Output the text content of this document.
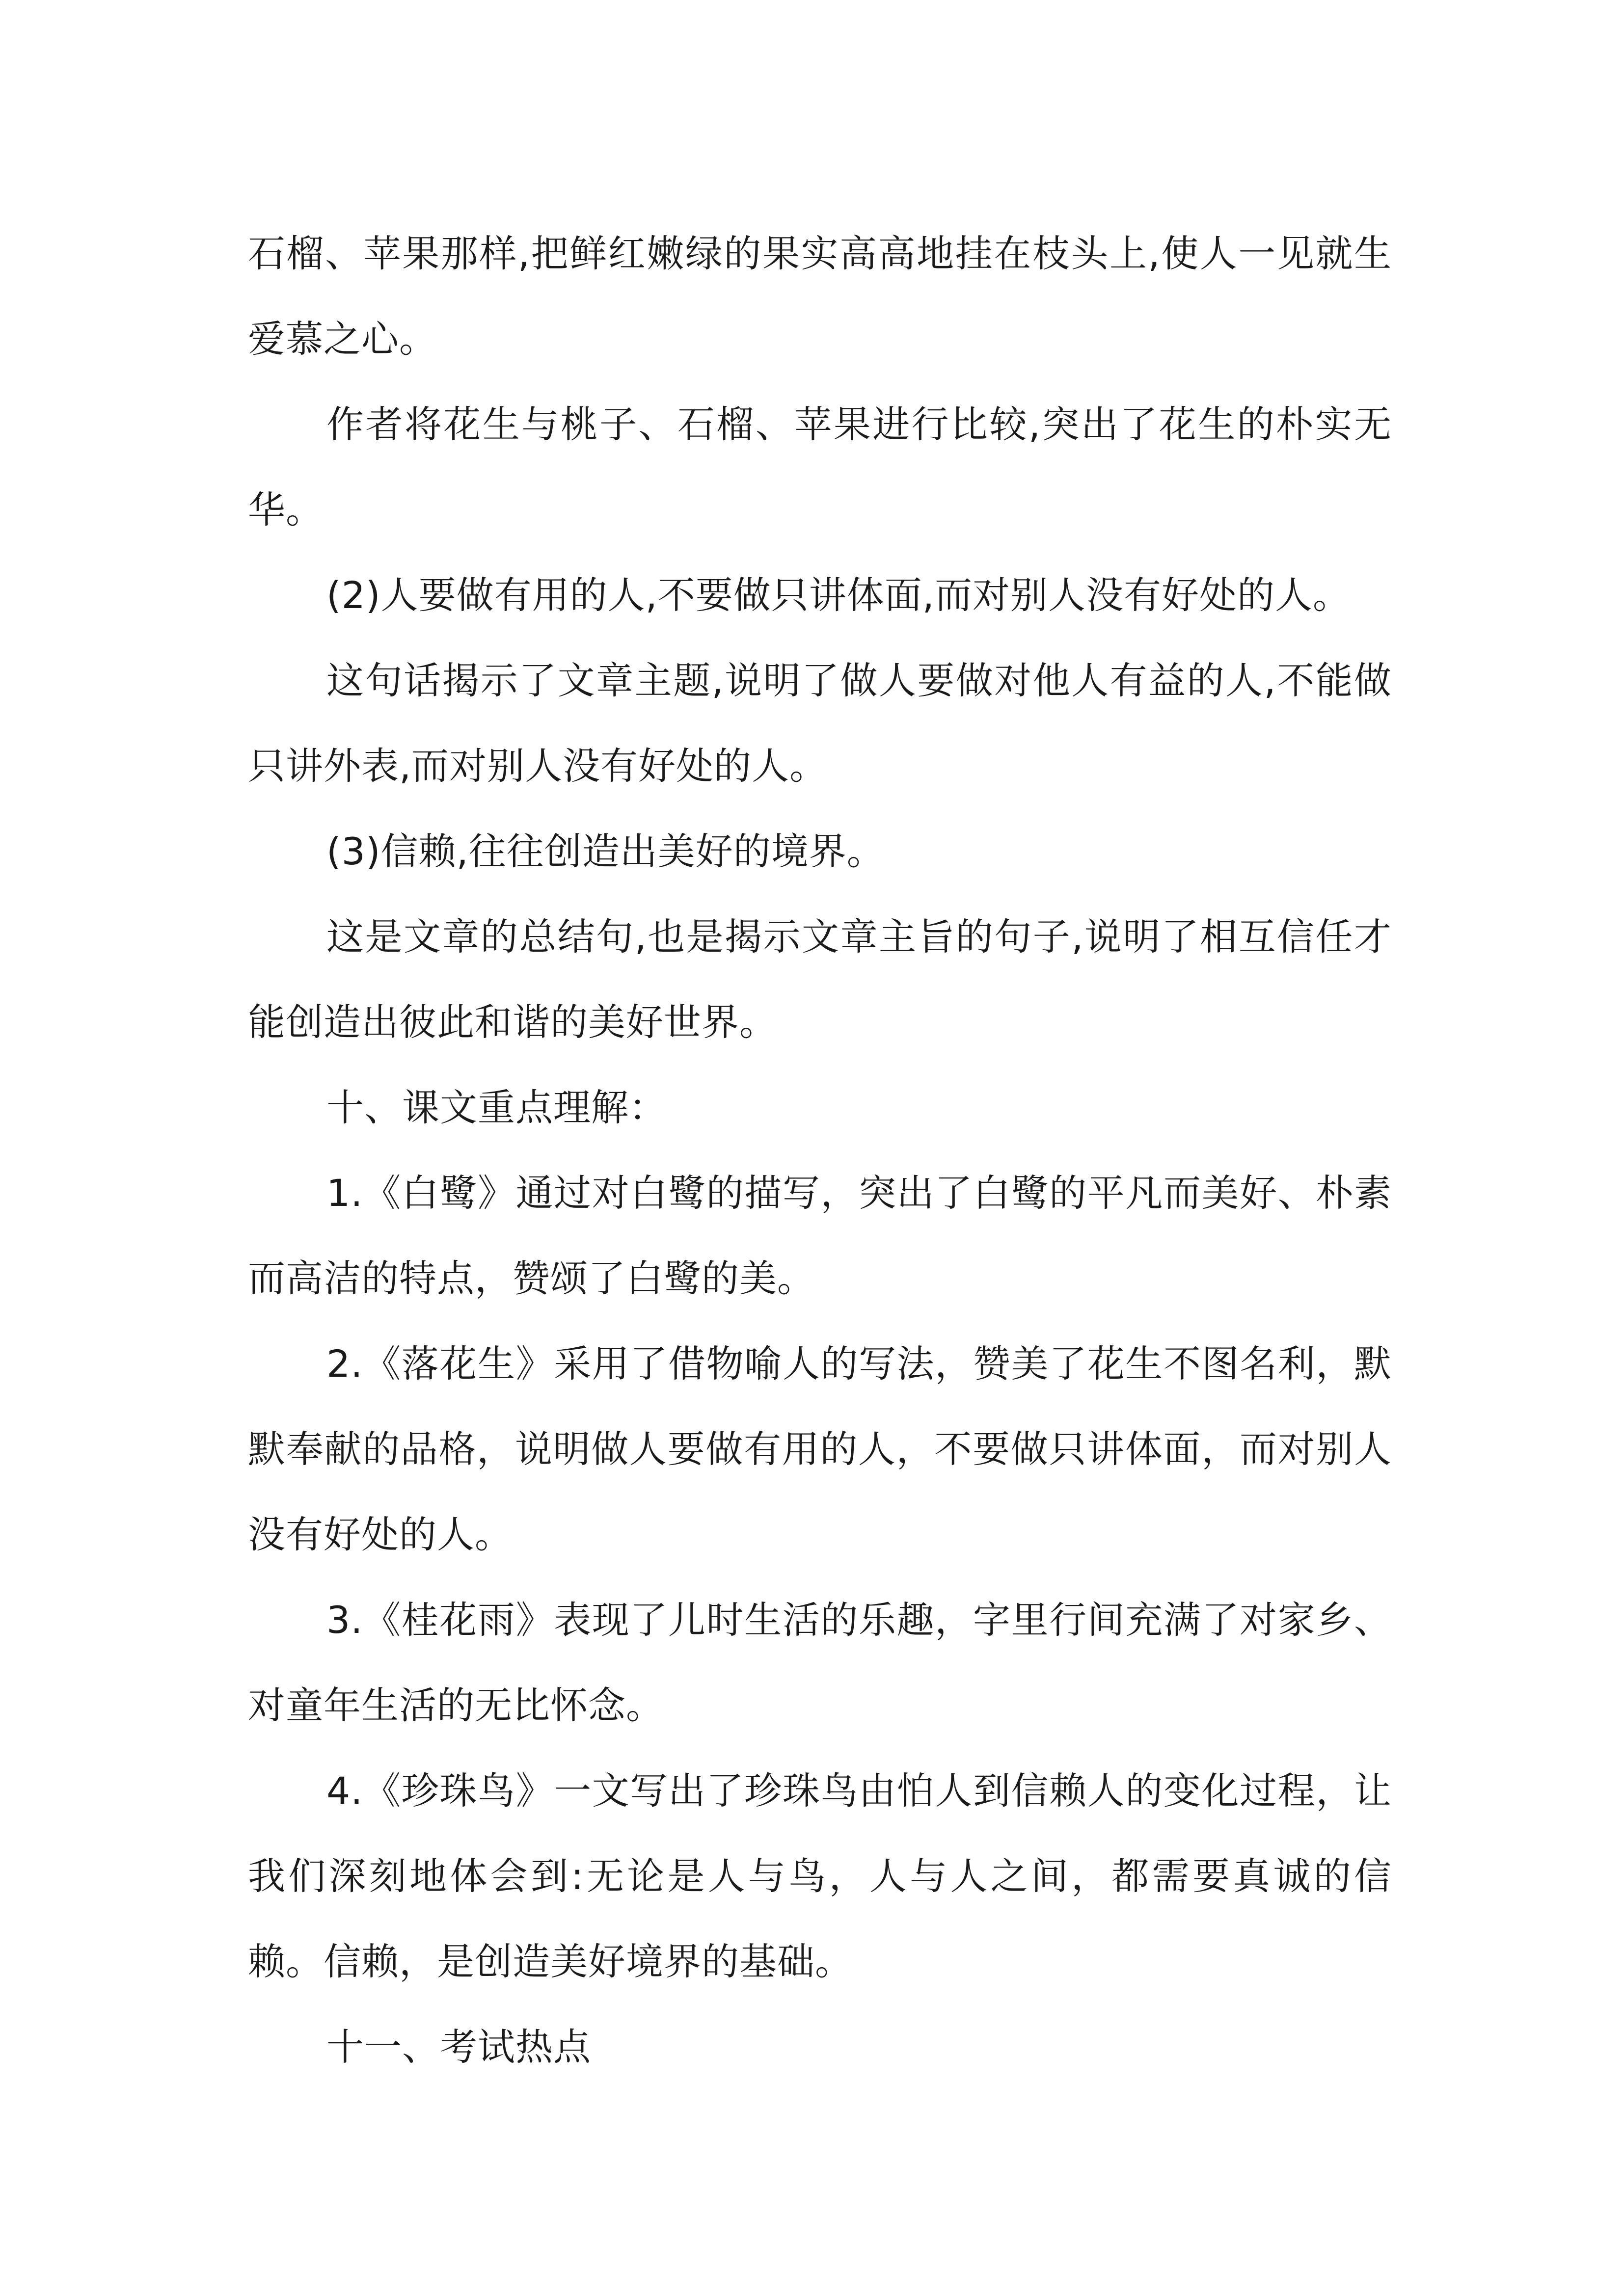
石榴、苹果那样,把鲜红嫩绿的果实高高地挂在枝头上,使人一见就生爱慕之心。

作者将花生与桃子、石榴、苹果进行比较,突出了花生的朴实无华。

(2)人要做有用的人,不要做只讲体面,而对别人没有好处的人。

这句话揭示了文章主题,说明了做人要做对他人有益的人,不能做只讲外表,而对别人没有好处的人。

(3)信赖,往往创造出美好的境界。

这是文章的总结句,也是揭示文章主旨的句子,说明了相互信任才能创造出彼此和谐的美好世界。

十、课文重点理解：

1.《白鹭》通过对白鹭的描写，突出了白鹭的平凡而美好、朴素而高洁的特点，赞颂了白鹭的美。

2.《落花生》采用了借物喻人的写法，赞美了花生不图名利，默默奉献的品格，说明做人要做有用的人，不要做只讲体面，而对别人没有好处的人。

3.《桂花雨》表现了儿时生活的乐趣，字里行间充满了对家乡、对童年生活的无比怀念。

4.《珍珠鸟》一文写出了珍珠鸟由怕人到信赖人的变化过程，让我们深刻地体会到:无论是人与鸟，人与人之间，都需要真诚的信赖。信赖，是创造美好境界的基础。

十一、考试热点
